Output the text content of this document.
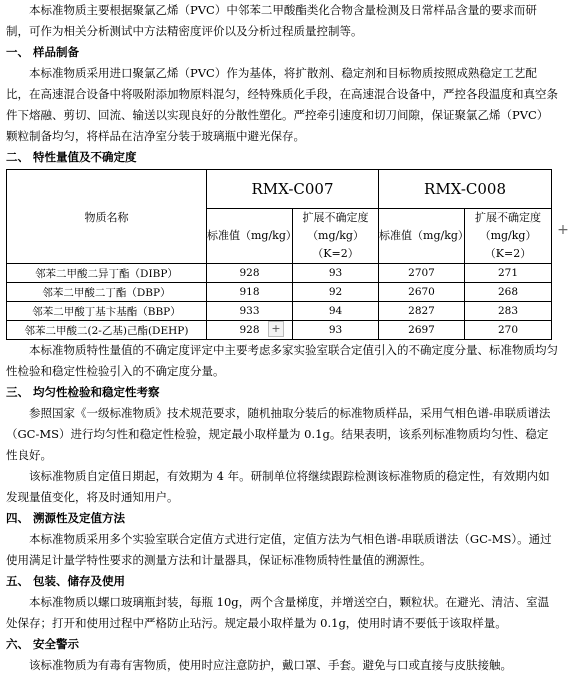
本标准物质主要根据聚氯乙烯（PVC）中邻苯二甲酸酯类化合物含量检测及日常样品含量的要求而研制，可作为相关分析测试中方法精密度评价以及分析过程质量控制等。

一、 样品制备

本标准物质采用进口聚氯乙烯（PVC）作为基体，将扩散剂、稳定剂和目标物质按照成熟稳定工艺配比，在高速混合设备中将吸附添加物原料混匀，经特殊质化手段，在高速混合设备中，严控各段温度和真空条件下熔融、剪切、回流、输送以实现良好的分散性塑化。严控牵引速度和切刀间隙，保证聚氯乙烯（PVC）颗粒制备均匀，将样品在洁净室分装于玻璃瓶中避光保存。

二、 特性量值及不确定度

物质名称	RMX-C007		RMX-C008	
	标准值（mg/kg）	扩展不确定度（mg/kg）（K=2）	标准值（mg/kg）	扩展不确定度（mg/kg）（K=2）
邻苯二甲酸二异丁酯（DIBP）	928	93	2707	271
邻苯二甲酸二丁酯（DBP）	918	92	2670	268
邻苯二甲酸丁基卞基酯（BBP）	933	94	2827	283
邻苯二甲酸二(2-乙基)己酯(DEHP)	928	93	2697	270

本标准物质特性量值的不确定度评定中主要考虑多家实验室联合定值引入的不确定度分量、标准物质均匀性检验和稳定性检验引入的不确定度分量。

三、 均匀性检验和稳定性考察

参照国家《一级标准物质》技术规范要求，随机抽取分装后的标准物质样品，采用气相色谱-串联质谱法（GC-MS）进行均匀性和稳定性检验，规定最小取样量为 0.1g。结果表明，该系列标准物质均匀性、稳定性良好。

该标准物质自定值日期起，有效期为 4 年。研制单位将继续跟踪检测该标准物质的稳定性，有效期内如发现量值变化，将及时通知用户。

四、 溯源性及定值方法

本标准物质采用多个实验室联合定值方式进行定值，定值方法为气相色谱-串联质谱法（GC-MS）。通过使用满足计量学特性要求的测量方法和计量器具，保证标准物质特性量值的溯源性。

五、 包装、储存及使用

本标准物质以螺口玻璃瓶封装，每瓶 10g，两个含量梯度，并增送空白，颗粒状。在避光、清洁、室温处保存；打开和使用过程中严格防止玷污。规定最小取样量为 0.1g，使用时请不要低于该取样量。

六、 安全警示

该标准物质为有毒有害物质，使用时应注意防护，戴口罩、手套。避免与口或直接与皮肤接触。

+
+
